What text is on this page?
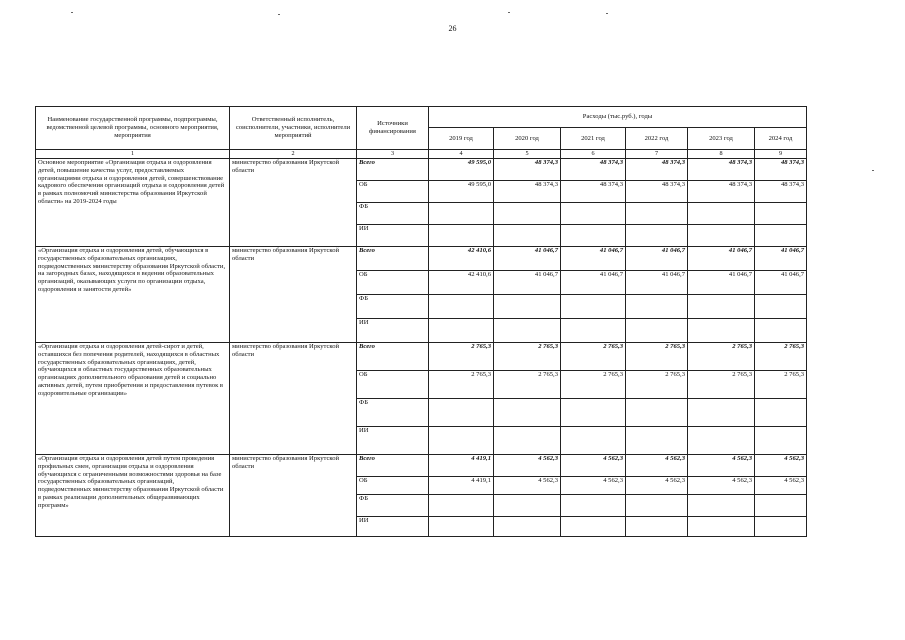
26
Наименование государственной программы, подпрограммы, ведомственной целевой программы, основного мероприятия, мероприятия	Ответственный исполнитель, соисполнители, участники, исполнители мероприятий	Источники финансирования	Расходы (тыс.руб.), годы					
			2019 год	2020 год	2021 год	2022 год	2023 год	2024 год
1	2	3	4	5	6	7	8	9
Основное мероприятие «Организация отдыха и оздоровления детей, повышение качества услуг, предоставляемых организациями отдыха и оздоровления детей, совершенствование кадрового обеспечения организаций отдыха и оздоровления детей в рамках полномочий министерства образования Иркутской области» на 2019-2024 годы	министерство образования Иркутской области	Всего	49 595,0	48 374,3	48 374,3	48 374,3	48 374,3	48 374,3
		ОБ	49 595,0	48 374,3	48 374,3	48 374,3	48 374,3	48 374,3
		ФБ						
		ИИ						
«Организация отдыха и оздоровления детей, обучающихся в государственных образовательных организациях, подведомственных министерству образования Иркутской области, на загородных базах, находящихся в ведении образовательных организаций, оказывающих услуги по организации отдыха, оздоровления и занятости детей»	министерство образования Иркутской области	Всего	42 410,6	41 046,7	41 046,7	41 046,7	41 046,7	41 046,7
		ОБ	42 410,6	41 046,7	41 046,7	41 046,7	41 046,7	41 046,7
		ФБ						
		ИИ						
«Организация отдыха и оздоровления детей-сирот и детей, оставшихся без попечения родителей, находящихся в областных государственных образовательных организациях, детей, обучающихся в областных государственных образовательных организациях дополнительного образования детей и социально активных детей, путем приобретения и предоставления путевок в оздоровительные организации»	министерство образования Иркутской области	Всего	2 765,3	2 765,3	2 765,3	2 765,3	2 765,3	2 765,3
		ОБ	2 765,3	2 765,3	2 765,3	2 765,3	2 765,3	2 765,3
		ФБ						
		ИИ						
«Организация отдыха и оздоровления детей путем проведения профильных смен, организация отдыха и оздоровления обучающихся с ограниченными возможностями здоровья на базе государственных образовательных организаций, подведомственных министерству образования Иркутской области в рамках реализации дополнительных общеразвивающих программ»	министерство образования Иркутской области	Всего	4 419,1	4 562,3	4 562,3	4 562,3	4 562,3	4 562,3
		ОБ	4 419,1	4 562,3	4 562,3	4 562,3	4 562,3	4 562,3
		ФБ						
		ИИ						
